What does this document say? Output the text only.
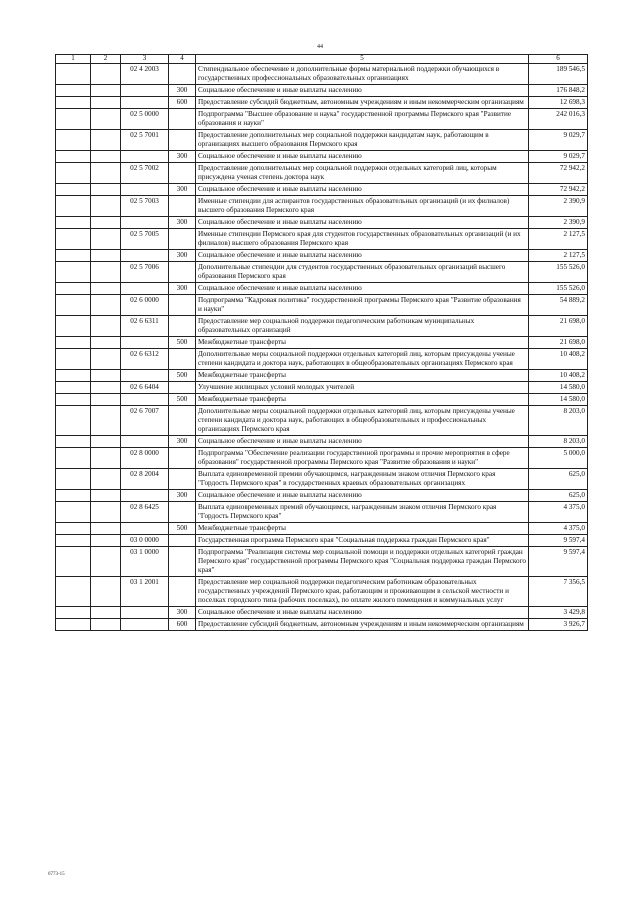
44
1	2	3	4	5	6
		02 4 2003		Стипендиальное обеспечение и дополнительные формы материальной поддержки обучающихся в государственных профессиональных образовательных организациях	189 546,5
			300	Социальное обеспечение и иные выплаты населению	176 848,2
			600	Предоставление субсидий бюджетным, автономным учреждениям и иным некоммерческим организациям	12 698,3
		02 5 0000		Подпрограмма "Высшее образование и наука" государственной программы Пермского края "Развитие образования и науки"	242 016,3
		02 5 7001		Предоставление дополнительных мер социальной поддержки кандидатам наук, работающим в организациях высшего образования Пермского края	9 029,7
			300	Социальное обеспечение и иные выплаты населению	9 029,7
		02 5 7002		Предоставление дополнительных мер социальной поддержки отдельных категорий лиц, которым присуждена ученая степень доктора наук	72 942,2
			300	Социальное обеспечение и иные выплаты населению	72 942,2
		02 5 7003		Именные стипендии для аспирантов государственных образовательных организаций (и их филиалов) высшего образования Пермского края	2 390,9
			300	Социальное обеспечение и иные выплаты населению	2 390,9
		02 5 7005		Именные стипендии Пермского края для студентов государственных образовательных организаций (и их филиалов) высшего образования Пермского края	2 127,5
			300	Социальное обеспечение и иные выплаты населению	2 127,5
		02 5 7006		Дополнительные стипендии для студентов государственных образовательных организаций высшего образования Пермского края	155 526,0
			300	Социальное обеспечение и иные выплаты населению	155 526,0
		02 6 0000		Подпрограмма "Кадровая политика" государственной программы Пермского края "Развитие образования и науки"	54 889,2
		02 6 6311		Предоставление мер социальной поддержки педагогическим работникам муниципальных образовательных организаций	21 698,0
			500	Межбюджетные трансферты	21 698,0
		02 6 6312		Дополнительные меры социальной поддержки отдельных категорий лиц, которым присуждены ученые степени кандидата и доктора наук, работающих в общеобразовательных организациях Пермского края	10 408,2
			500	Межбюджетные трансферты	10 408,2
		02 6 6404		Улучшение жилищных условий молодых учителей	14 580,0
			500	Межбюджетные трансферты	14 580,0
		02 6 7007		Дополнительные меры социальной поддержки отдельных категорий лиц, которым присуждены ученые степени кандидата и доктора наук, работающих в общеобразовательных и профессиональных организациях Пермского края	8 203,0
			300	Социальное обеспечение и иные выплаты населению	8 203,0
		02 8 0000		Подпрограмма "Обеспечение реализации государственной программы и прочие мероприятия в сфере образования" государственной программы Пермского края "Развитие образования и науки"	5 000,0
		02 8 2004		Выплата единовременной премии обучающимся, награжденным знаком отличия Пермского края "Гордость Пермского края" в государственных краевых образовательных организациях	625,0
			300	Социальное обеспечение и иные выплаты населению	625,0
		02 8 6425		Выплата единовременных премий обучающимся, награжденным знаком отличия Пермского края "Гордость Пермского края"	4 375,0
			500	Межбюджетные трансферты	4 375,0
		03 0 0000		Государственная программа Пермского края "Социальная поддержка граждан Пермского края"	9 597,4
		03 1 0000		Подпрограмма "Реализация системы мер социальной помощи и поддержки отдельных категорий граждан Пермского края" государственной программы Пермского края "Социальная поддержка граждан Пермского края"	9 597,4
		03 1 2001		Предоставление мер социальной поддержки педагогическим работникам образовательных государственных учреждений Пермского края, работающим и проживающим в сельской местности и поселках городского типа (рабочих поселках), по оплате жилого помещения и коммунальных услуг	7 356,5
			300	Социальное обеспечение и иные выплаты населению	3 429,8
			600	Предоставление субсидий бюджетным, автономным учреждениям и иным некоммерческим организациям	3 926,7
6773-15
